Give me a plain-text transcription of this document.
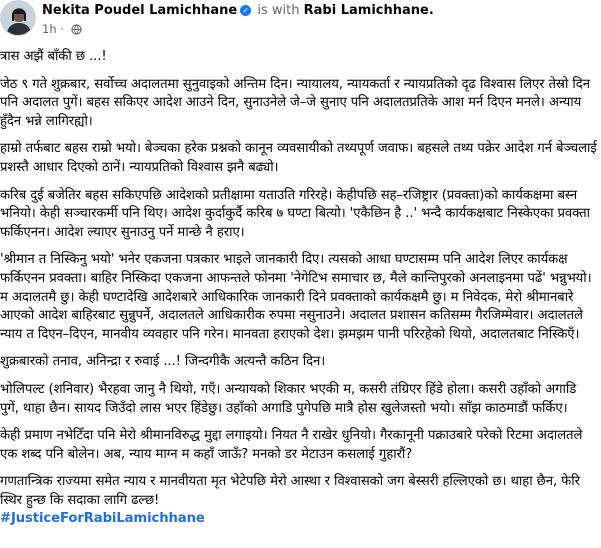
Nekita Poudel Lamichhane ✓ is with Rabi Lamichhane.
1h ·

त्रास अझैं बाँकी छ ...!

जेठ ९ गते शुक्रबार, सर्वोच्च अदालतमा सुनुवाइको अन्तिम दिन। न्यायालय, न्यायकर्ता र न्यायप्रतिको दृढ विश्वास लिएर तेस्रो दिन पनि अदालत पुगें। बहस सकिएर आदेश आउने दिन, सुनाउनेले जे–जे सुनाए पनि अदालतप्रतिके आश मर्न दिएन मनले। अन्याय हुँदैन भन्ने लागिरह्यो।

हाम्रो तर्फबाट बहस राम्रो भयो। बेञ्चका हरेक प्रश्नको कानून व्यवसायीको तथ्यपूर्ण जवाफ। बहसले तथ्य पक्रेर आदेश गर्न बेञ्चलाई प्रशस्तै आधार दिएको ठानें। न्यायप्रतिको विश्वास झनै बढ्यो।

करिब दुई बजेतिर बहस सकिएपछि आदेशको प्रतीक्षामा यताउति गरिरहे। केहीपछि सह–रजिष्ट्रार (प्रवक्ता)को कार्यकक्षमा बस्न भनियो। केही सञ्चारकर्मी पनि थिए। आदेश कुर्दाकुर्दै करिब ७ घण्टा बित्यो। 'एकैछिन है ..' भन्दै कार्यकक्षबाट निस्केएका प्रवक्ता फर्किएनन। आदेश ल्याएर सुनाउनु पर्ने मान्छे नै हराए।

'श्रीमान त निस्किनु भयो' भनेर एकजना पत्रकार भाइले जानकारी दिए। त्यसको आधा घण्टासम्म पनि आदेश लिएर कार्यकक्ष फर्किएनन प्रवक्ता। बाहिर निस्किदा एकजना आफन्तले फोनमा 'नेगेटिभ समाचार छ, मैले कान्तिपुरको अनलाइनमा पढें' भन्नुभयो। म अदालतमै छु। केही घण्टादेखि आदेशबारे आधिकारिक जानकारी दिने प्रवक्ताको कार्यकक्षमै छु। म निवेदक, मेरो श्रीमानबारे आएको आदेश बाहिरबाट सुन्नुपर्ने, अदालतले आधिकारीक रुपमा नसुनाउने। अदालत प्रशासन कतिसम्म गैरजिम्मेवार। अदालतले न्याय त दिएन–दिएन, मानवीय व्यवहार पनि गरेन। मानवता हराएको देश। झमझम पानी परिरहेको थियो, अदालतबाट निस्किएँ।

शुक्रबारको तनाव, अनिन्द्रा र रुवाई ...! जिन्दगीकै अत्यन्तै कठिन दिन।

भोलिपल्ट (शनिवार) भैरहवा जानु नै थियो, गएँ। अन्यायको शिकार भएकी म, कसरी तंग्रिएर हिंडे होला। कसरी उहाँको अगाडि पुगें, थाहा छैन। सायद जिउँदो लास भएर हिंडेछु। उहाँको अगाडि पुगेपछि मात्रै होस खुलेजस्तो भयो। साँझ काठमाडौं फर्किए।

केही प्रमाण नभेटिँदा पनि मेरो श्रीमानविरुद्ध मुद्दा लगाइयो। नियत नै राखेर धुनियो। गैरकानूनी पक्राउबारे परेको रिटमा अदालतले एक शब्द पनि बोलेन। अब, न्याय माग्न म कहाँ जाऊँ? मनको डर मेटाउन कसलाई गुहारौं?

गणतान्त्रिक राज्यमा समेत न्याय र मानवीयता मृत भेटेपछि मेरो आस्था र विश्वासको जग बेस्सरी हल्लिएको छ। थाहा छैन, फेरि स्थिर हुन्छ कि सदाका लागि ढल्छ!

#JusticeForRabiLamichhane
